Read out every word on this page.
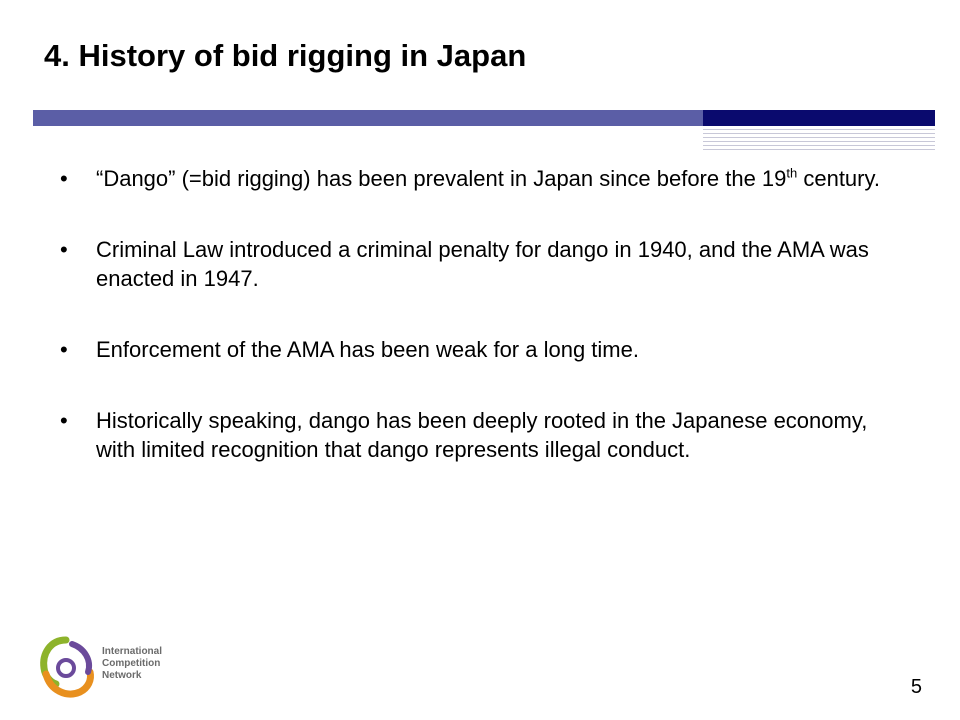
4. History of bid rigging in Japan
• “Dango” (=bid rigging) has been prevalent in Japan since before the 19th century.
• Criminal Law introduced a criminal penalty for dango in 1940, and the AMA was enacted in 1947.
• Enforcement of the AMA has been weak for a long time.
• Historically speaking, dango has been deeply rooted in the Japanese economy, with limited recognition that dango represents illegal conduct.
International
Competition
Network
5
